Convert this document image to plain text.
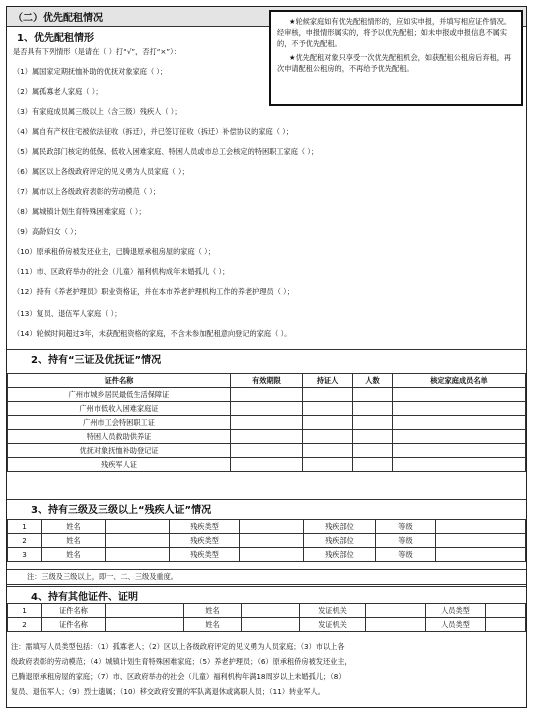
（二）优先配租情况	★轮候家庭如有优先配租情形的，应如实申报，并填写相应证件情况。经审核，申报情形属实的，将予以优先配租；如未申报或申报信息不属实的，不予优先配租。

★优先配租对象只享受一次优先配租机会，如获配租公租房后弃租，再次申请配租公租房的，不再给予优先配租。

1、优先配租情形
是否具有下列情形（是请在（ ）打“√”，否打“×”）：
（1）属国家定期抚恤补助的优抚对象家庭（ ）；
（2）属孤寡老人家庭（ ）；
（3）有家庭成员属三级以上（含三级）残疾人（ ）；
（4）属自有产权住宅被依法征收（拆迁），并已签订征收（拆迁）补偿协议的家庭（ ）；
（5）属民政部门核定的低保、低收入困难家庭、特困人员或市总工会核定的特困职工家庭（ ）；
（6）属区以上各级政府评定的见义勇为人员家庭（ ）；
（7）属市以上各级政府表彰的劳动模范（ ）；
（8）属城镇计划生育特殊困难家庭（ ）；
（9）高龄妇女（ ）；
（10）原承租侨房被发还业主，已腾退原承租房屋的家庭（ ）；
（11）市、区政府举办的社会（儿童）福利机构成年未婚孤儿（ ）；
（12）持有《养老护理员》职业资格证，并在本市养老护理机构工作的养老护理员（ ）；
（13）复员、退伍军人家庭（ ）；
（14）轮候时间超过3年，未获配租资格的家庭，不含未参加配租意向登记的家庭（ ）。
2、持有“三证及优抚证”情况
证件名称	有效期限	持证人	人数	核定家庭成员名单
广州市城乡居民最低生活保障证				
广州市低收入困难家庭证				
广州市工会特困职工证				
特困人员救助供养证				
优抚对象抚恤补助登记证				
残疾军人证				
3、持有三级及三级以上“残疾人证”情况
1	姓名		残疾类型		残疾部位	等级	
2	姓名		残疾类型		残疾部位	等级	
3	姓名		残疾类型		残疾部位	等级	
注：三级及三级以上，即一、二、三级及重度。
4、持有其他证件、证明
1	证件名称		姓名		发证机关		人员类型	
2	证件名称		姓名		发证机关		人员类型	
注：需填写人员类型包括：（1）孤寡老人；（2）区以上各级政府评定的见义勇为人员家庭；（3）市以上各
级政府表彰的劳动模范；（4）城镇计划生育特殊困难家庭；（5）养老护理员；（6）原承租侨房被发还业主，
已腾退原承租房屋的家庭；（7）市、区政府举办的社会（儿童）福利机构年满18周岁以上未婚孤儿；（8）
复员、退伍军人；（9）烈士遗属；（10）移交政府安置的军队离退休或离职人员；（11）转业军人。
